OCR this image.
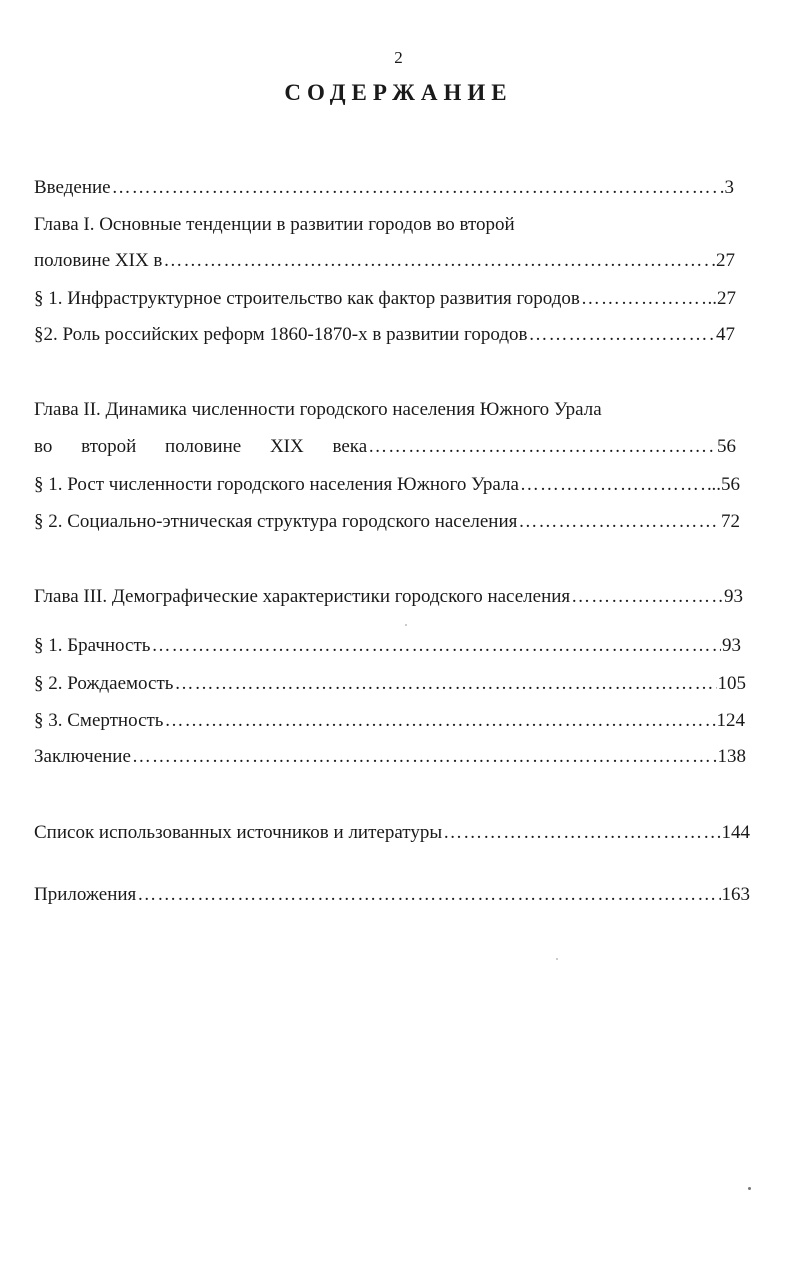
2
СОДЕРЖАНИЕ
Введение …………………………………………………………………………………………………………………………………………………………………………………	.3
Глава I. Основные тенденции в развитии городов во второй
половине XIX в …………………………………………………………………………………………………………………………………………………………………………………	.27
§ 1. Инфраструктурное строительство как фактор развития городов …………………………………………………………………………………………………………………………………………………………………………………	..27
§2. Роль российских реформ 1860-1870-х в развитии городов …………………………………………………………………………………………………………………………………………………………………………………	47
Глава II. Динамика численности городского населения Южного Урала
во второй половине XIX века …………………………………………………………………………………………………………………………………………………………………………………	56
§ 1. Рост численности городского населения Южного Урала …………………………………………………………………………………………………………………………………………………………………………………	..56
§ 2. Социально-этническая структура городского населения …………………………………………………………………………………………………………………………………………………………………………………	72
Глава III. Демографические характеристики городского населения …………………………………………………………………………………………………………………………………………………………………………………	93
§ 1. Брачность …………………………………………………………………………………………………………………………………………………………………………………	93
§ 2. Рождаемость …………………………………………………………………………………………………………………………………………………………………………………	105
§ 3. Смертность …………………………………………………………………………………………………………………………………………………………………………………	.124
Заключение …………………………………………………………………………………………………………………………………………………………………………………	138
Список использованных источников и литературы …………………………………………………………………………………………………………………………………………………………………………………	144
Приложения …………………………………………………………………………………………………………………………………………………………………………………	163
